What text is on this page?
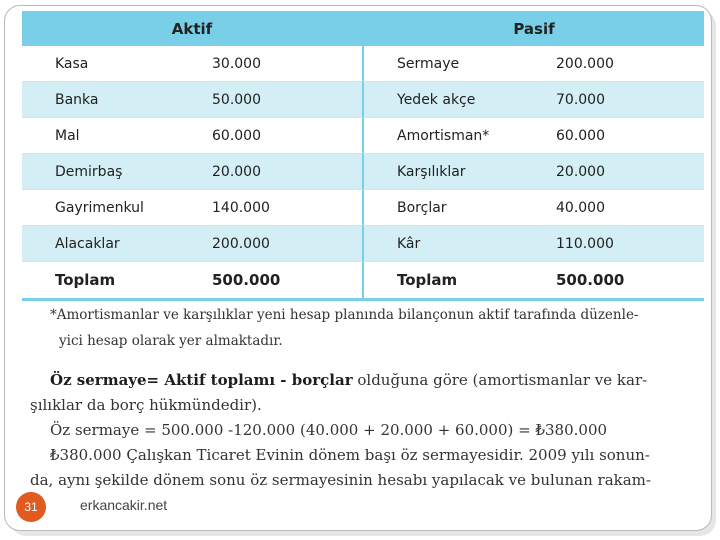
Aktif		Pasif	
Kasa	30.000	Sermaye	200.000
Banka	50.000	Yedek akçe	70.000
Mal	60.000	Amortisman*	60.000
Demirbaş	20.000	Karşılıklar	20.000
Gayrimenkul	140.000	Borçlar	40.000
Alacaklar	200.000	Kâr	110.000
Toplam	500.000	Toplam	500.000
*Amortismanlar ve karşılıklar yeni hesap planında bilançonun aktif tarafında düzenle-
yici hesap olarak yer almaktadır.

Öz sermaye= Aktif toplamı - borçlar olduğuna göre (amortismanlar ve kar-

şılıklar da borç hükmündedir).

Öz sermaye = 500.000 -120.000 (40.000 + 20.000 + 60.000) = ₺380.000

₺380.000 Çalışkan Ticaret Evinin dönem başı öz sermayesidir. 2009 yılı sonun-

da, aynı şekilde dönem sonu öz sermayesinin hesabı yapılacak ve bulunan rakam-

31	erkancakir.net
